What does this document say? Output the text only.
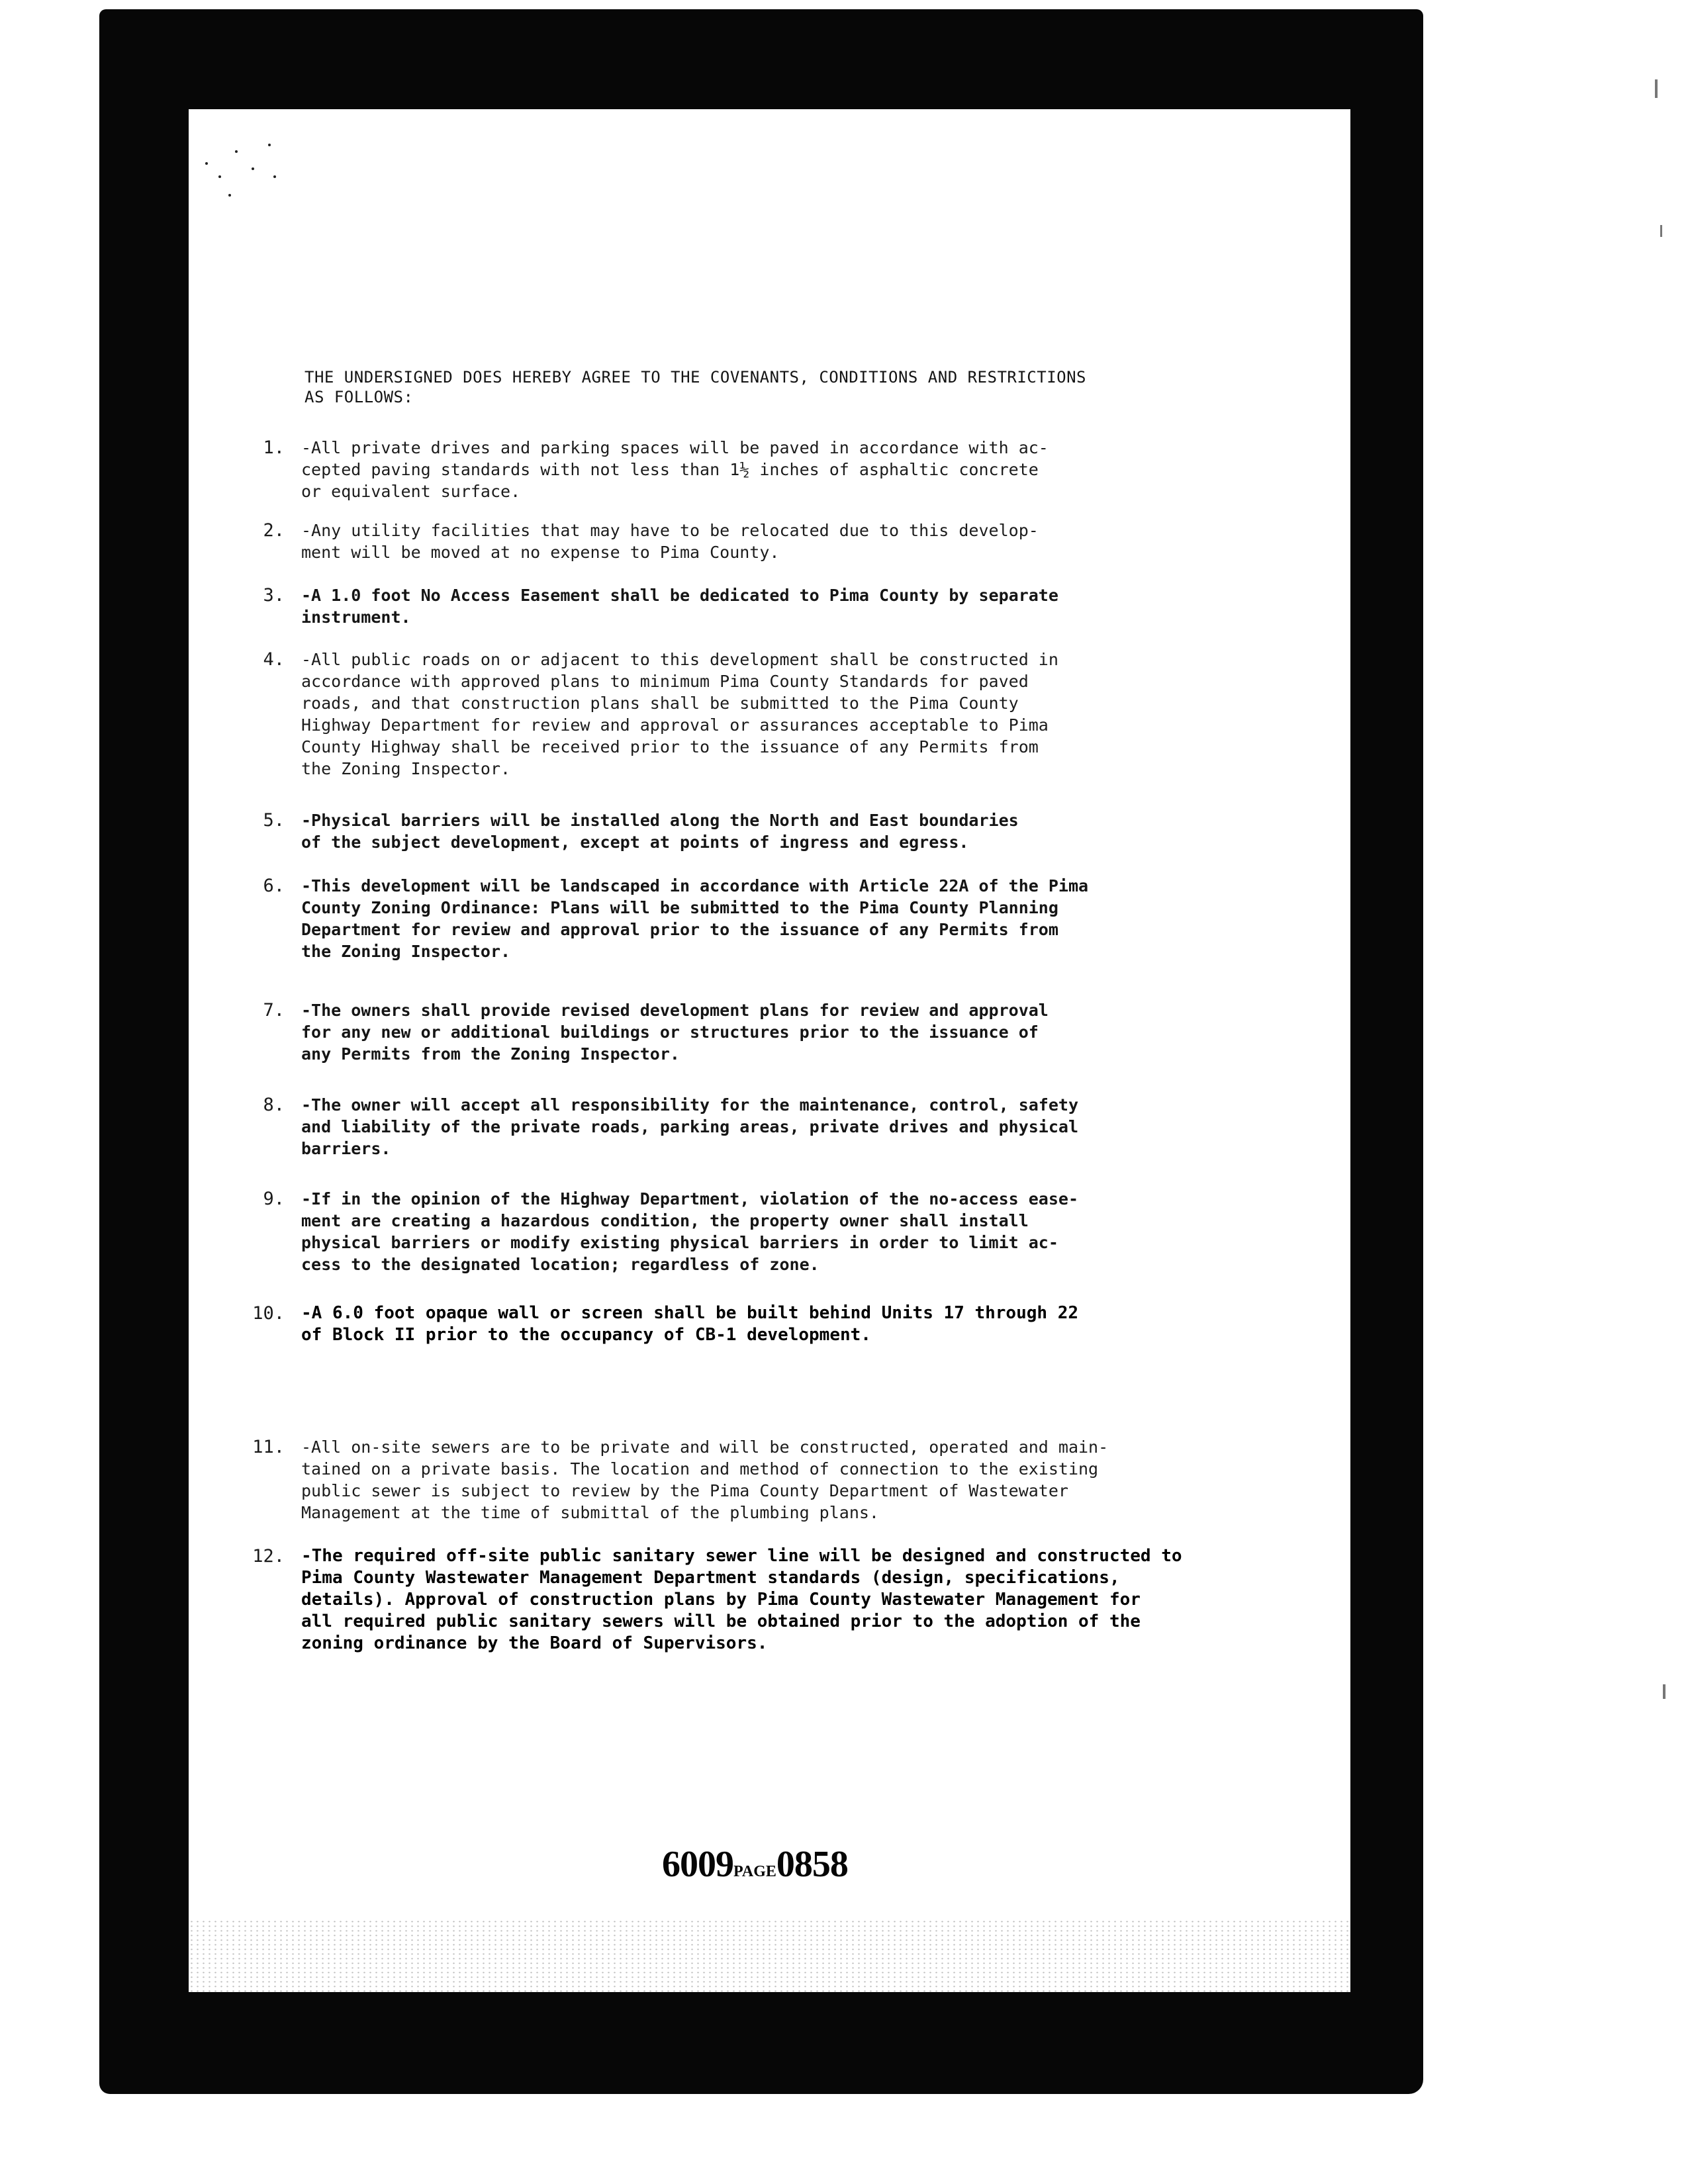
THE UNDERSIGNED DOES HEREBY AGREE TO THE COVENANTS, CONDITIONS AND RESTRICTIONS
AS FOLLOWS:
1. -All private drives and parking spaces will be paved in accordance with ac-
cepted paving standards with not less than 1½ inches of asphaltic concrete
or equivalent surface.
2. -Any utility facilities that may have to be relocated due to this develop-
ment will be moved at no expense to Pima County.
3. -A 1.0 foot No Access Easement shall be dedicated to Pima County by separate
instrument.
4. -All public roads on or adjacent to this development shall be constructed in
accordance with approved plans to minimum Pima County Standards for paved
roads, and that construction plans shall be submitted to the Pima County
Highway Department for review and approval or assurances acceptable to Pima
County Highway shall be received prior to the issuance of any Permits from
the Zoning Inspector.
5. -Physical barriers will be installed along the North and East boundaries
of the subject development, except at points of ingress and egress.
6. -This development will be landscaped in accordance with Article 22A of the Pima
County Zoning Ordinance: Plans will be submitted to the Pima County Planning
Department for review and approval prior to the issuance of any Permits from
the Zoning Inspector.
7. -The owners shall provide revised development plans for review and approval
for any new or additional buildings or structures prior to the issuance of
any Permits from the Zoning Inspector.
8. -The owner will accept all responsibility for the maintenance, control, safety
and liability of the private roads, parking areas, private drives and physical
barriers.
9. -If in the opinion of the Highway Department, violation of the no-access ease-
ment are creating a hazardous condition, the property owner shall install
physical barriers or modify existing physical barriers in order to limit ac-
cess to the designated location; regardless of zone.
10. -A 6.0 foot opaque wall or screen shall be built behind Units 17 through 22
of Block II prior to the occupancy of CB-1 development.
11. -All on-site sewers are to be private and will be constructed, operated and main-
tained on a private basis. The location and method of connection to the existing
public sewer is subject to review by the Pima County Department of Wastewater
Management at the time of submittal of the plumbing plans.
12. -The required off-site public sanitary sewer line will be designed and constructed to
Pima County Wastewater Management Department standards (design, specifications,
details). Approval of construction plans by Pima County Wastewater Management for
all required public sanitary sewers will be obtained prior to the adoption of the
zoning ordinance by the Board of Supervisors.
6009PAGE0858
